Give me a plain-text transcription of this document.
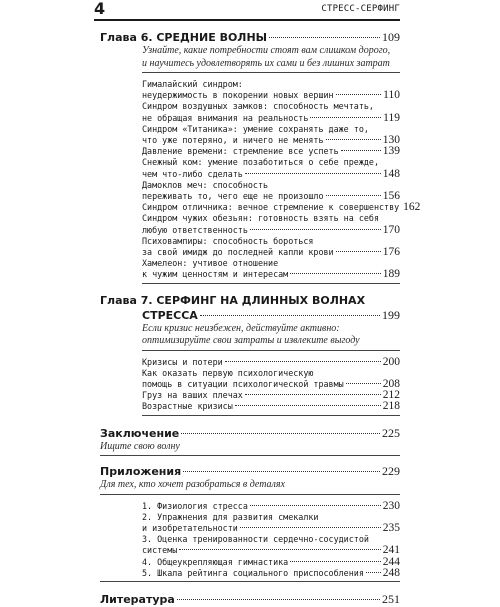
4	СТРЕСС-СЕРФИНГ
Глава 6. СРЕДНИЕ ВОЛНЫ	109
Узнайте, какие потребности стоят вам слишком дорого,
и научитесь удовлетворять их сами и без лишних затрат
Гималайский синдром:
неудержимость в покорении новых вершин	110
Синдром воздушных замков: способность мечтать,
не обращая внимания на реальность	119
Синдром «Титаника»: умение сохранять даже то,
что уже потеряно, и ничего не менять	130
Давление времени: стремление все успеть	139
Снежный ком: умение позаботиться о себе прежде,
чем что-либо сделать	148
Дамоклов меч: способность
переживать то, чего еще не произошло	156
Синдром отличника: вечное стремление к совершенству 162
Синдром чужих обезьян: готовность взять на себя
любую ответственность	170
Психовампиры: способность бороться
за свой имидж до последней капли крови	176
Хамелеон: учтивое отношение
к чужим ценностям и интересам	189
Глава 7. СЕРФИНГ НА ДЛИННЫХ ВОЛНАХ
СТРЕССА	199
Если кризис неизбежен, действуйте активно:
оптимизируйте свои затраты и извлеките выгоду
Кризисы и потери	200
Как оказать первую психологическую
помощь в ситуации психологической травмы	208
Груз на ваших плечах	212
Возрастные кризисы	218
Заключение	225
Ищите свою волну
Приложения	229
Для тех, кто хочет разобраться в деталях
1. Физиология стресса	230
2. Упражнения для развития смекалки
и изобретательности	235
3. Оценка тренированности сердечно-сосудистой
системы	241
4. Общеукрепляющая гимнастика	244
5. Шкала рейтинга социального приспособления 248
Литература	251
